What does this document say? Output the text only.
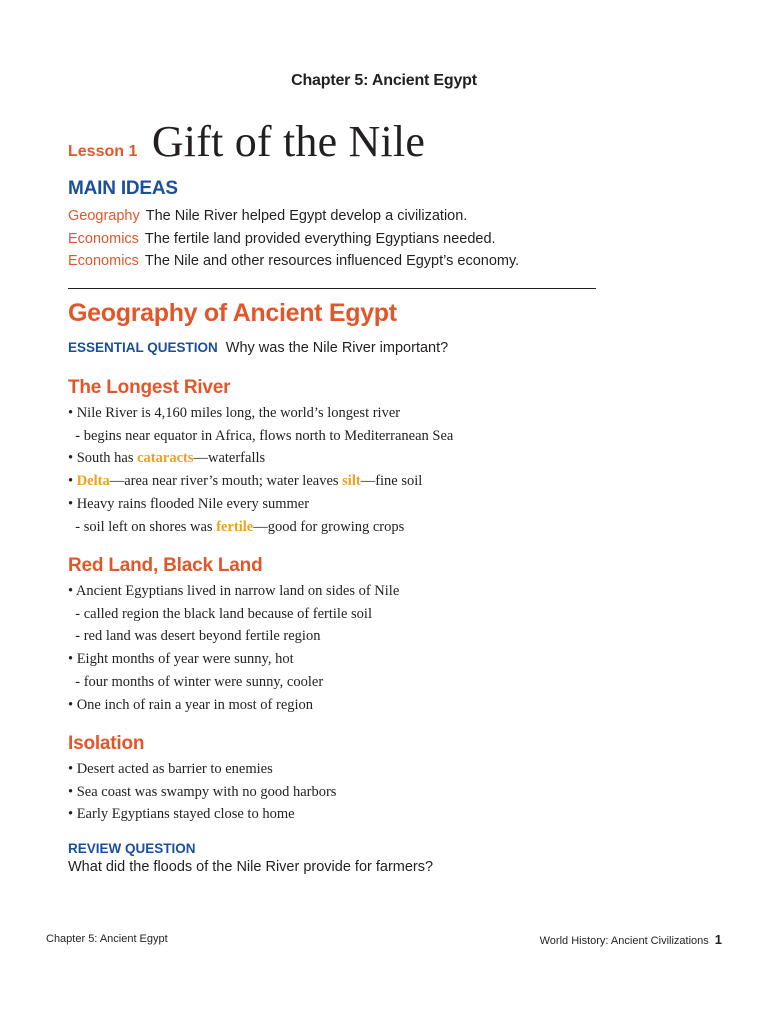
Chapter 5: Ancient Egypt
Lesson 1 Gift of the Nile
MAIN IDEAS
Geography The Nile River helped Egypt develop a civilization.
Economics The fertile land provided everything Egyptians needed.
Economics The Nile and other resources influenced Egypt’s economy.
Geography of Ancient Egypt
ESSENTIAL QUESTION Why was the Nile River important?
The Longest River
• Nile River is 4,160 miles long, the world’s longest river
- begins near equator in Africa, flows north to Mediterranean Sea
• South has cataracts—waterfalls
• Delta—area near river’s mouth; water leaves silt—fine soil
• Heavy rains flooded Nile every summer
- soil left on shores was fertile—good for growing crops
Red Land, Black Land
• Ancient Egyptians lived in narrow land on sides of Nile
- called region the black land because of fertile soil
- red land was desert beyond fertile region
• Eight months of year were sunny, hot
- four months of winter were sunny, cooler
• One inch of rain a year in most of region
Isolation
• Desert acted as barrier to enemies
• Sea coast was swampy with no good harbors
• Early Egyptians stayed close to home
REVIEW QUESTION
What did the floods of the Nile River provide for farmers?
Chapter 5: Ancient Egypt	World History: Ancient Civilizations 1
